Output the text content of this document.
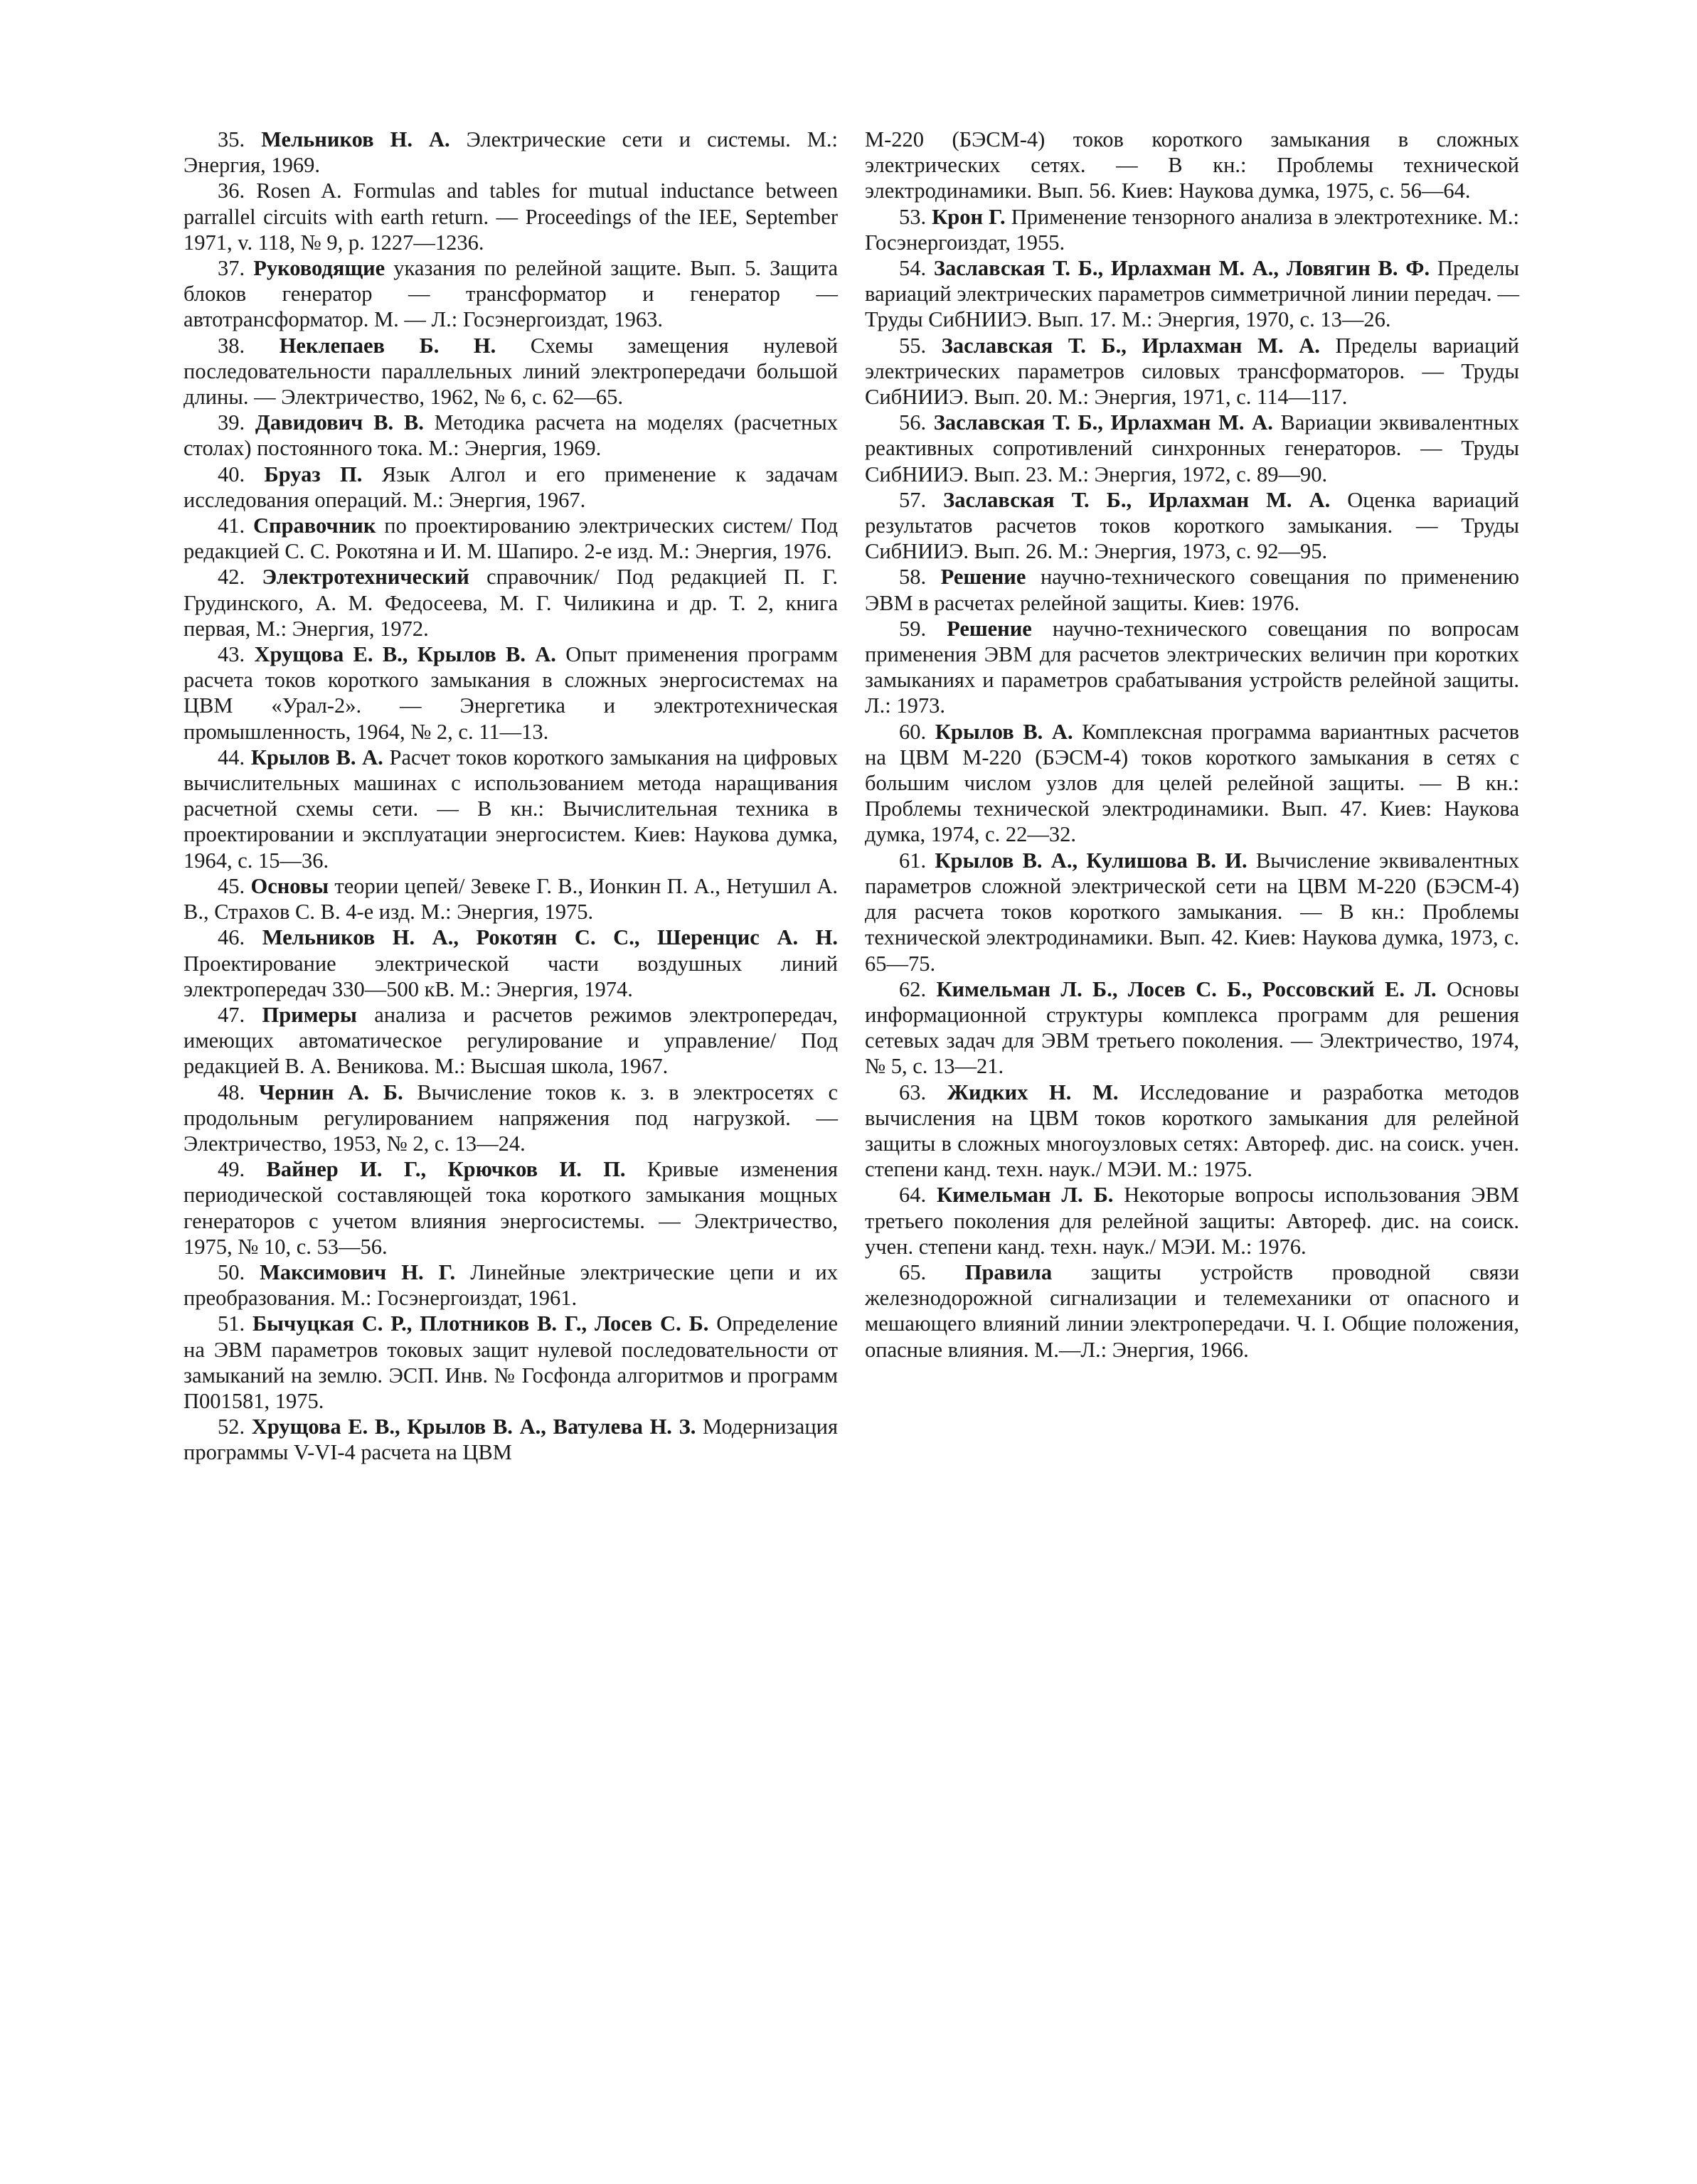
35. Мельников Н. А. Электрические сети и системы. М.: Энергия, 1969.

36. Rosen A. Formulas and tables for mutual inductance between parrallel circuits with earth return. — Proceedings of the IEE, September 1971, v. 118, № 9, p. 1227—1236.

37. Руководящие указания по релейной защите. Вып. 5. Защита блоков генератор — трансформатор и генератор — автотрансформатор. М. — Л.: Госэнергоиздат, 1963.

38. Неклепаев Б. Н. Схемы замещения нулевой последовательности параллельных линий электропередачи большой длины. — Электричество, 1962, № 6, с. 62—65.

39. Давидович В. В. Методика расчета на моделях (расчетных столах) постоянного тока. М.: Энергия, 1969.

40. Бруаз П. Язык Алгол и его применение к задачам исследования операций. М.: Энергия, 1967.

41. Справочник по проектированию электрических систем/ Под редакцией С. С. Рокотяна и И. М. Шапиро. 2-е изд. М.: Энергия, 1976.

42. Электротехнический справочник/ Под редакцией П. Г. Грудинского, А. М. Федосеева, М. Г. Чиликина и др. Т. 2, книга первая, М.: Энергия, 1972.

43. Хрущова Е. В., Крылов В. А. Опыт применения программ расчета токов короткого замыкания в сложных энергосистемах на ЦВМ «Урал-2». — Энергетика и электротехническая промышленность, 1964, № 2, с. 11—13.

44. Крылов В. А. Расчет токов короткого замыкания на цифровых вычислительных машинах с использованием метода наращивания расчетной схемы сети. — В кн.: Вычислительная техника в проектировании и эксплуатации энергосистем. Киев: Наукова думка, 1964, с. 15—36.

45. Основы теории цепей/ Зевеке Г. В., Ионкин П. А., Нетушил А. В., Страхов С. В. 4-е изд. М.: Энергия, 1975.

46. Мельников Н. А., Рокотян С. С., Шеренцис А. Н. Проектирование электрической части воздушных линий электропередач 330—500 кВ. М.: Энергия, 1974.

47. Примеры анализа и расчетов режимов электропередач, имеющих автоматическое регулирование и управление/ Под редакцией В. А. Веникова. М.: Высшая школа, 1967.

48. Чернин А. Б. Вычисление токов к. з. в электросетях с продольным регулированием напряжения под нагрузкой. — Электричество, 1953, № 2, с. 13—24.

49. Вайнер И. Г., Крючков И. П. Кривые изменения периодической составляющей тока короткого замыкания мощных генераторов с учетом влияния энергосистемы. — Электричество, 1975, № 10, с. 53—56.

50. Максимович Н. Г. Линейные электрические цепи и их преобразования. М.: Госэнергоиздат, 1961.

51. Бычуцкая С. Р., Плотников В. Г., Лосев С. Б. Определение на ЭВМ параметров токовых защит нулевой последовательности от замыканий на землю. ЭСП. Инв. № Госфонда алгоритмов и программ П001581, 1975.

52. Хрущова Е. В., Крылов В. А., Ватулева Н. З. Модернизация программы V-VI-4 расчета на ЦВМ

М-220 (БЭСМ-4) токов короткого замыкания в сложных электрических сетях. — В кн.: Проблемы технической электродинамики. Вып. 56. Киев: Наукова думка, 1975, с. 56—64.

53. Крон Г. Применение тензорного анализа в электротехнике. М.: Госэнергоиздат, 1955.

54. Заславская Т. Б., Ирлахман М. А., Ловягин В. Ф. Пределы вариаций электрических параметров симметричной линии передач. — Труды СибНИИЭ. Вып. 17. М.: Энергия, 1970, с. 13—26.

55. Заславская Т. Б., Ирлахман М. А. Пределы вариаций электрических параметров силовых трансформаторов. — Труды СибНИИЭ. Вып. 20. М.: Энергия, 1971, с. 114—117.

56. Заславская Т. Б., Ирлахман М. А. Вариации эквивалентных реактивных сопротивлений синхронных генераторов. — Труды СибНИИЭ. Вып. 23. М.: Энергия, 1972, с. 89—90.

57. Заславская Т. Б., Ирлахман М. А. Оценка вариаций результатов расчетов токов короткого замыкания. — Труды СибНИИЭ. Вып. 26. М.: Энергия, 1973, с. 92—95.

58. Решение научно-технического совещания по применению ЭВМ в расчетах релейной защиты. Киев: 1976.

59. Решение научно-технического совещания по вопросам применения ЭВМ для расчетов электрических величин при коротких замыканиях и параметров срабатывания устройств релейной защиты. Л.: 1973.

60. Крылов В. А. Комплексная программа вариантных расчетов на ЦВМ М-220 (БЭСМ-4) токов короткого замыкания в сетях с большим числом узлов для целей релейной защиты. — В кн.: Проблемы технической электродинамики. Вып. 47. Киев: Наукова думка, 1974, с. 22—32.

61. Крылов В. А., Кулишова В. И. Вычисление эквивалентных параметров сложной электрической сети на ЦВМ М-220 (БЭСМ-4) для расчета токов короткого замыкания. — В кн.: Проблемы технической электродинамики. Вып. 42. Киев: Наукова думка, 1973, с. 65—75.

62. Кимельман Л. Б., Лосев С. Б., Россовский Е. Л. Основы информационной структуры комплекса программ для решения сетевых задач для ЭВМ третьего поколения. — Электричество, 1974, № 5, с. 13—21.

63. Жидких Н. М. Исследование и разработка методов вычисления на ЦВМ токов короткого замыкания для релейной защиты в сложных многоузловых сетях: Автореф. дис. на соиск. учен. степени канд. техн. наук./ МЭИ. М.: 1975.

64. Кимельман Л. Б. Некоторые вопросы использования ЭВМ третьего поколения для релейной защиты: Автореф. дис. на соиск. учен. степени канд. техн. наук./ МЭИ. М.: 1976.

65. Правила защиты устройств проводной связи железнодорожной сигнализации и телемеханики от опасного и мешающего влияний линии электропередачи. Ч. I. Общие положения, опасные влияния. М.—Л.: Энергия, 1966.
